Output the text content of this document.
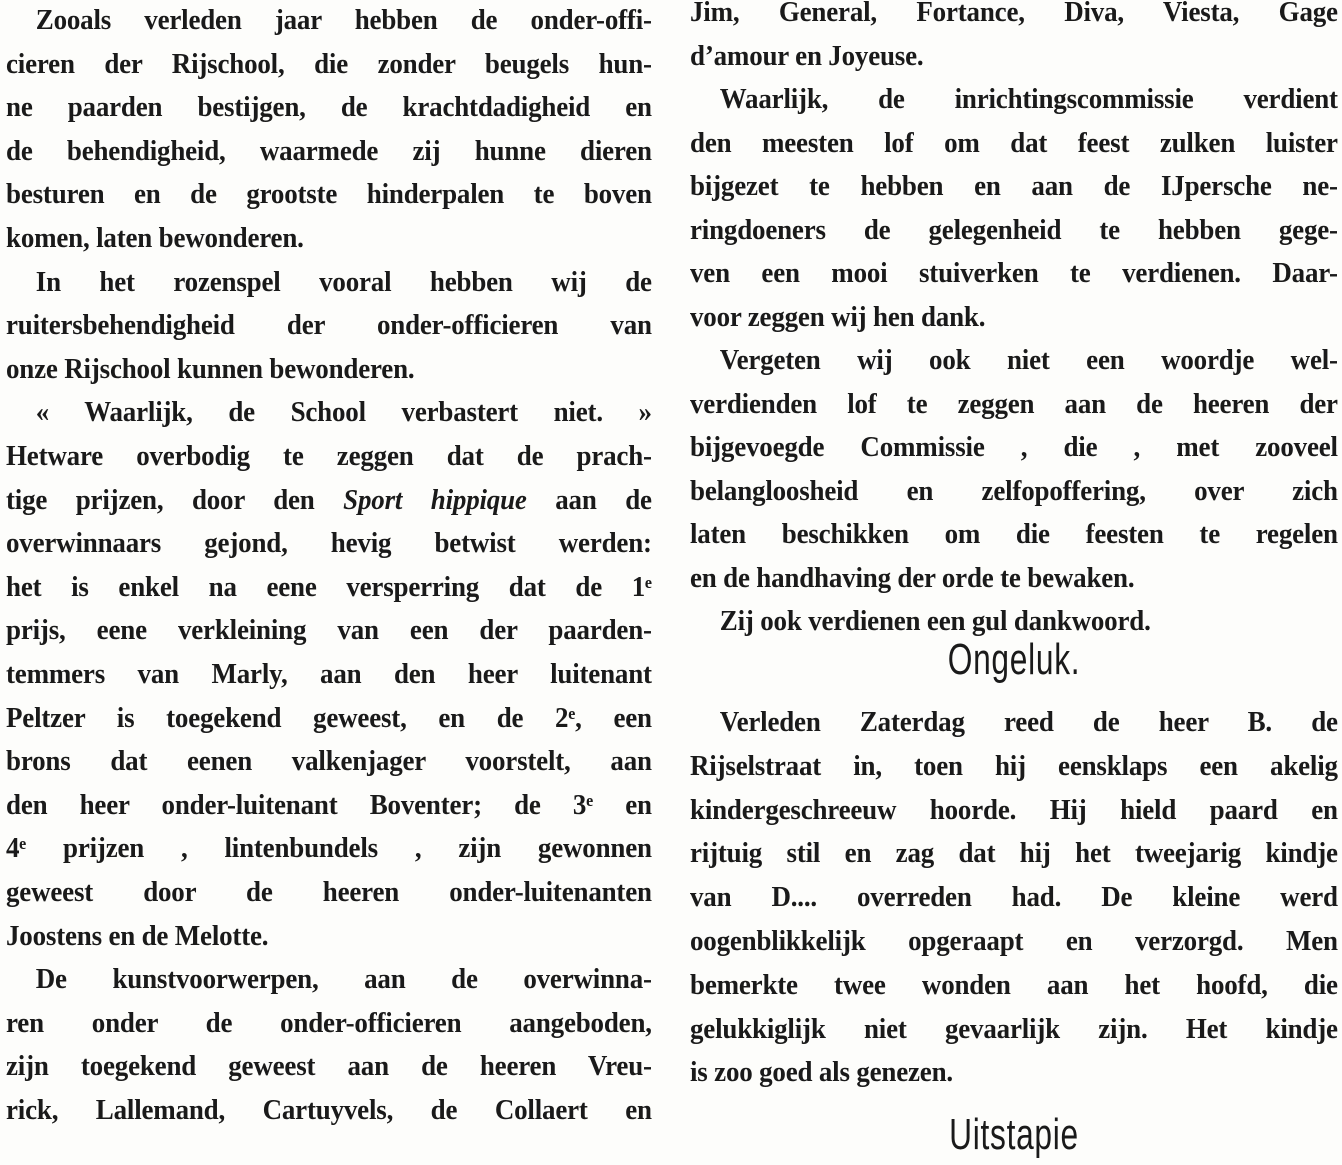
Zooals verleden jaar hebben de onder-offi-
cieren der Rijschool, die zonder beugels hun-
ne paarden bestijgen, de krachtdadigheid en
de behendigheid, waarmede zij hunne dieren
besturen en de grootste hinderpalen te boven
komen, laten bewonderen.
In het rozenspel vooral hebben wij de
ruitersbehendigheid der onder-officieren van
onze Rijschool kunnen bewonderen.
« Waarlijk, de School verbastert niet. »
Hetware overbodig te zeggen dat de prach-
tige prijzen, door den Sport hippique aan de
overwinnaars gejond, hevig betwist werden:
het is enkel na eene versperring dat de 1ᵉ
prijs, eene verkleining van een der paarden-
temmers van Marly, aan den heer luitenant
Peltzer is toegekend geweest, en de 2ᵉ, een
brons dat eenen valkenjager voorstelt, aan
den heer onder-luitenant Boventer; de 3ᵉ en
4ᵉ prijzen , lintenbundels , zijn gewonnen
geweest door de heeren onder-luitenanten
Joostens en de Melotte.
De kunstvoorwerpen, aan de overwinna-
ren onder de onder-officieren aangeboden,
zijn toegekend geweest aan de heeren Vreu-
rick, Lallemand, Cartuyvels, de Collaert en
Ongeluk.
Uitstapie
Jim, General, Fortance, Diva, Viesta, Gage
d’amour en Joyeuse.
Waarlijk, de inrichtingscommissie verdient
den meesten lof om dat feest zulken luister
bijgezet te hebben en aan de IJpersche ne-
ringdoeners de gelegenheid te hebben gege-
ven een mooi stuiverken te verdienen. Daar-
voor zeggen wij hen dank.
Vergeten wij ook niet een woordje wel-
verdienden lof te zeggen aan de heeren der
bijgevoegde Commissie , die , met zooveel
belangloosheid en zelfopoffering, over zich
laten beschikken om die feesten te regelen
en de handhaving der orde te bewaken.
Zij ook verdienen een gul dankwoord.
Verleden Zaterdag reed de heer B. de
Rijselstraat in, toen hij eensklaps een akelig
kindergeschreeuw hoorde. Hij hield paard en
rijtuig stil en zag dat hij het tweejarig kindje
van D.... overreden had. De kleine werd
oogenblikkelijk opgeraapt en verzorgd. Men
bemerkte twee wonden aan het hoofd, die
gelukkiglijk niet gevaarlijk zijn. Het kindje
is zoo goed als genezen.
